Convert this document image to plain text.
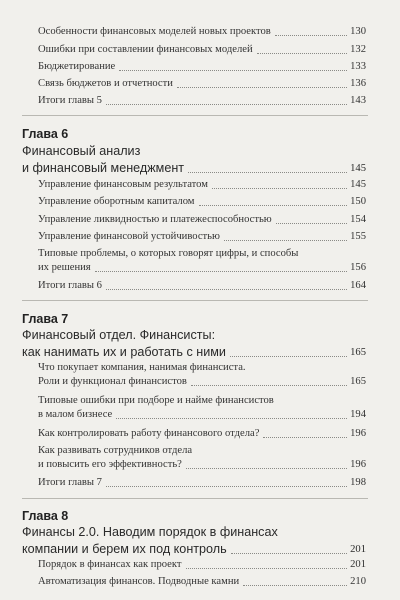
Особенности финансовых моделей новых проектов	130
Ошибки при составлении финансовых моделей	132
Бюджетирование	133
Связь бюджетов и отчетности	136
Итоги главы 5	143
Глава 6
Финансовый анализ
и финансовый менеджмент	145
Управление финансовым результатом	145
Управление оборотным капиталом	150
Управление ликвидностью и платежеспособностью	154
Управление финансовой устойчивостью	155
Типовые проблемы, о которых говорят цифры, и способы
их решения	156
Итоги главы 6	164
Глава 7
Финансовый отдел. Финансисты:
как нанимать их и работать с ними	165
Что покупает компания, нанимая финансиста.
Роли и функционал финансистов	165
Типовые ошибки при подборе и найме финансистов
в малом бизнесе	194
Как контролировать работу финансового отдела?	196
Как развивать сотрудников отдела
и повысить его эффективность?	196
Итоги главы 7	198
Глава 8
Финансы 2.0. Наводим порядок в финансах
компании и берем их под контроль	201
Порядок в финансах как проект	201
Автоматизация финансов. Подводные камни	210
